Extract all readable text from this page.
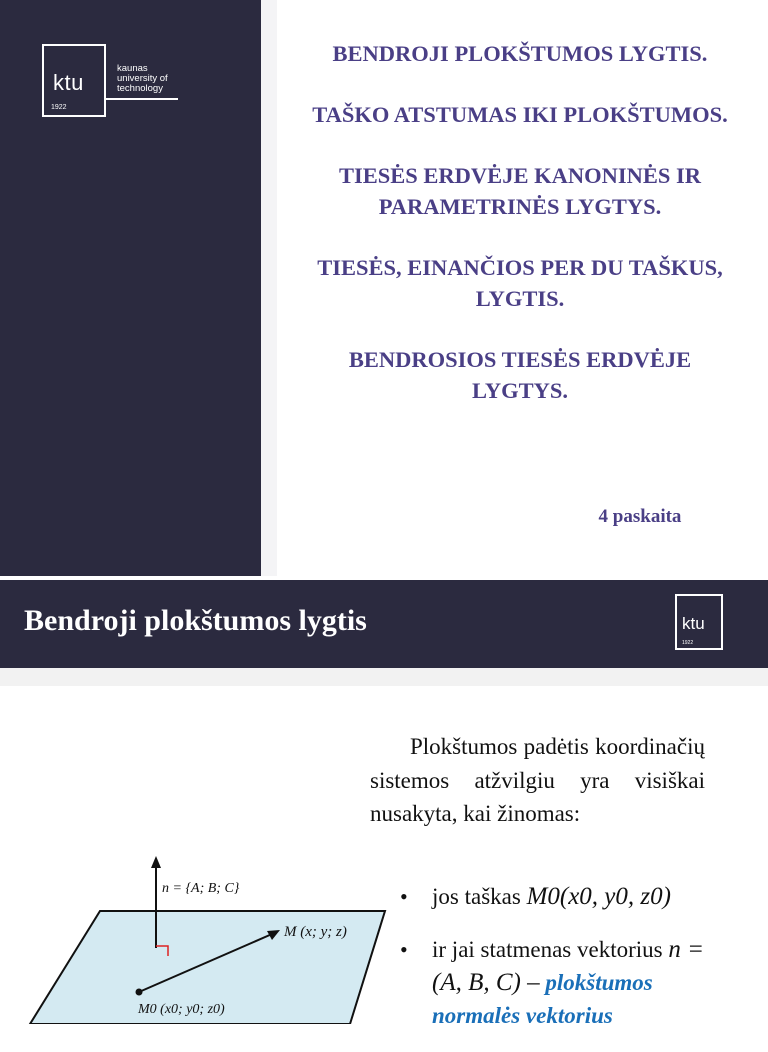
ktu
1922
kaunas
university of
technology
BENDROJI PLOKŠTUMOS LYGTIS.
TAŠKO ATSTUMAS IKI PLOKŠTUMOS.
TIESĖS ERDVĖJE KANONINĖS IR PARAMETRINĖS LYGTYS.
TIESĖS, EINANČIOS PER DU TAŠKUS, LYGTIS.
BENDROSIOS TIESĖS ERDVĖJE LYGTYS.
4 paskaita
Bendroji plokštumos lygtis	ktu
1922
Plokštumos padėtis koordinačių sistemos atžvilgiu yra visiškai nusakyta, kai žinomas:
• jos taškas M0(x0, y0, z0)
• ir jai statmenas vektorius n = (A, B, C) – plokštumos normalės vektorius
n = {A; B; C}
M (x; y; z)
M0 (x0; y0; z0)
